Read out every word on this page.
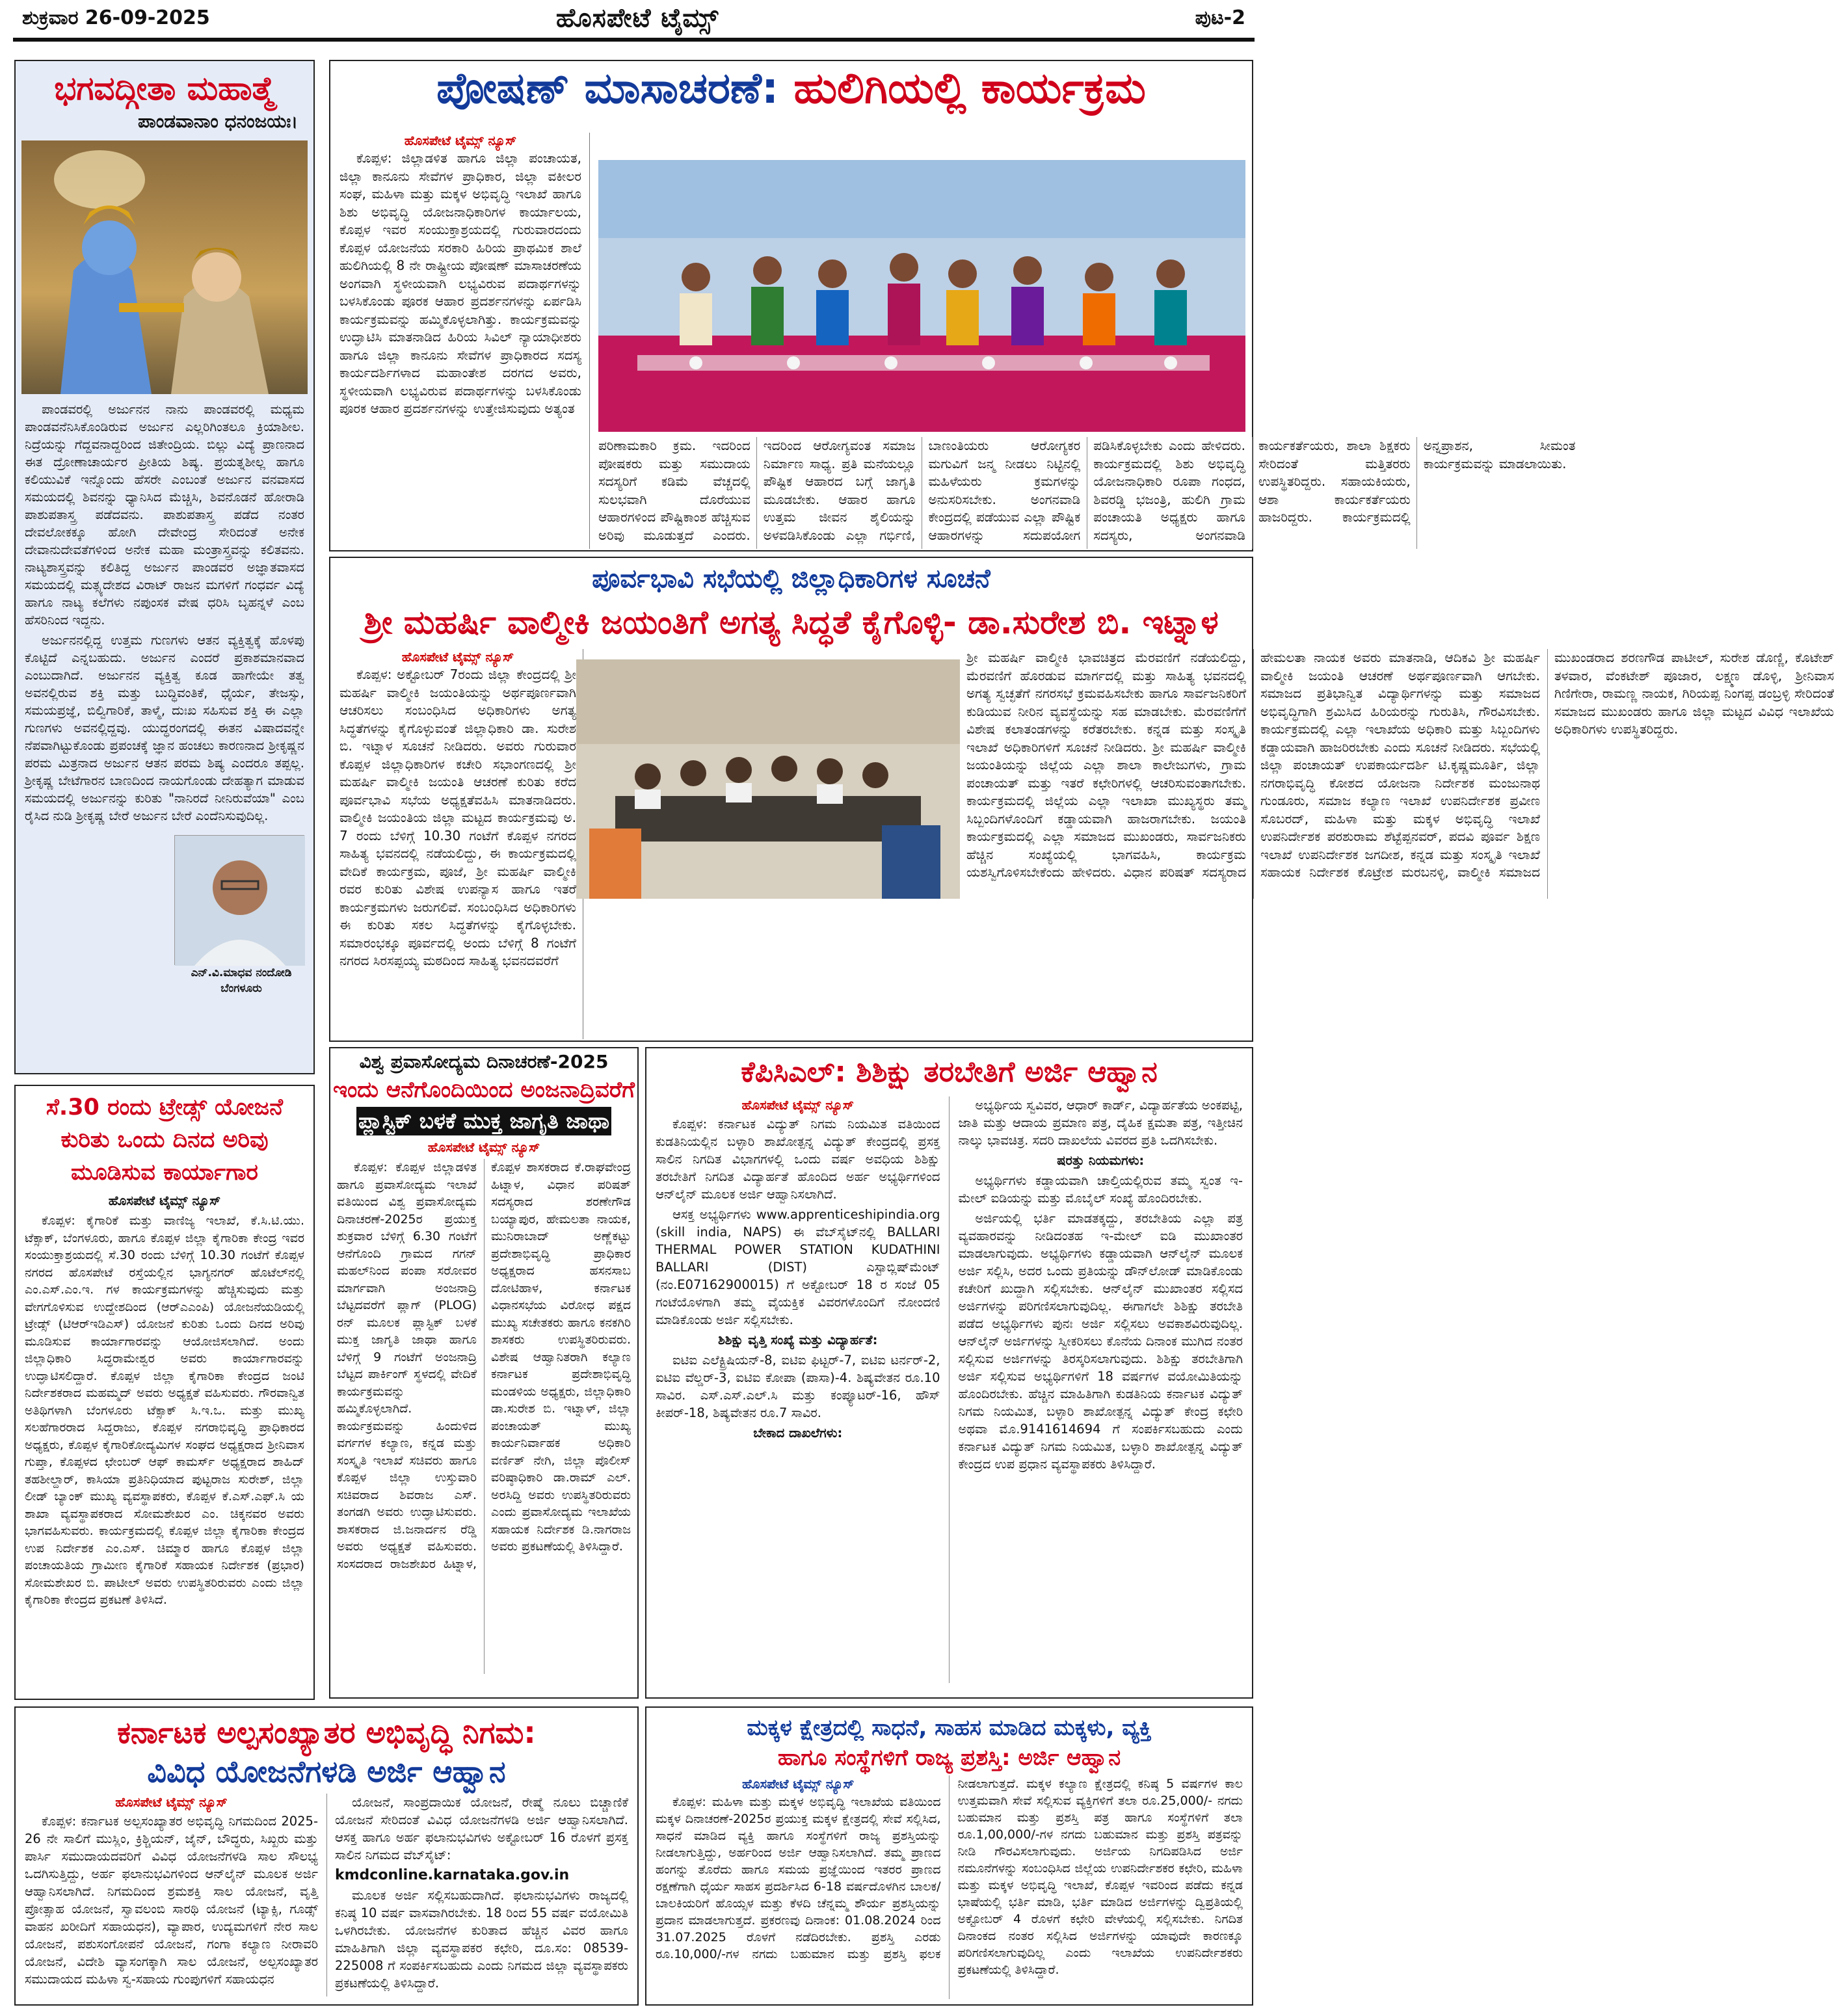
ಶುಕ್ರವಾರ 26-09-2025	ಹೊಸಪೇಟೆ ಟೈಮ್ಸ್	ಪುಟ-2
ಭಗವದ್ಗೀತಾ ಮಹಾತ್ಮೆ
ಪಾಂಡವಾನಾಂ ಧನಂಜಯಃ।

ಪಾಂಡವರಲ್ಲಿ ಅರ್ಜುನನ ನಾನು ಪಾಂಡವರಲ್ಲಿ ಮಧ್ಯಮ ಪಾಂಡವನೆನಿಸಿಕೊಂಡಿರುವ ಅರ್ಜುನ ಎಲ್ಲರಿಗಿಂತಲೂ ಕ್ರಿಯಾಶೀಲ. ನಿದ್ರೆಯನ್ನು ಗೆದ್ದವನಾದ್ದರಿಂದ ಜಿತೇಂದ್ರಿಯ. ಬಿಲ್ಲು ವಿದ್ಯೆ ಪ್ರಾಣನಾದ ಈತ ದ್ರೋಣಾಚಾರ್ಯರ ಪ್ರೀತಿಯ ಶಿಷ್ಯ. ಪ್ರಯತ್ನಶೀಲ್ಲ ಹಾಗೂ ಕಲಿಯುವಿಕೆ ಇನ್ನೊಂದು ಹೆಸರೇ ಎಂಬಂತೆ ಅರ್ಜುನ ವನವಾಸದ ಸಮಯದಲ್ಲಿ ಶಿವನನ್ನು ಧ್ಯಾನಿಸಿದ ಮೆಚ್ಚಿಸಿ, ಶಿವನೊಡನೆ ಹೋರಾಡಿ ಪಾಶುಪತಾಸ್ತ್ರ ಪಡೆದವನು. ಪಾಶುಪತಾಸ್ತ್ರ ಪಡೆದ ನಂತರ ದೇವಲೋಕಕ್ಕೂ ಹೋಗಿ ದೇವೇಂದ್ರ ಸೇರಿದಂತೆ ಅನೇಕ ದೇವಾನುದೇವತೆಗಳಿಂದ ಅನೇಕ ಮಹಾ ಮಂತ್ರಾಸ್ತ್ರವನ್ನು ಕಲಿತವನು. ನಾಟ್ಯಶಾಸ್ತ್ರವನ್ನು ಕಲಿತಿದ್ದ ಅರ್ಜುನ ಪಾಂಡವರ ಅಜ್ಞಾತವಾಸದ ಸಮಯದಲ್ಲಿ ಮತ್ಸ್ಯದೇಶದ ವಿರಾಟ್ ರಾಜನ ಮಗಳಿಗೆ ಗಂಧರ್ವ ವಿದ್ಯೆ ಹಾಗೂ ನಾಟ್ಯ ಕಲೆಗಳು ನಪುಂಸಕ ವೇಷ ಧರಿಸಿ ಬೃಹನ್ನಳೆ ಎಂಬ ಹೆಸರಿನಿಂದ ಇದ್ದನು.

ಅರ್ಜುನನಲ್ಲಿದ್ದ ಉತ್ತಮ ಗುಣಗಳು ಆತನ ವ್ಯಕ್ತಿತ್ವಕ್ಕೆ ಹೊಳಪು ಕೊಟ್ಟಿದೆ ಎನ್ನಬಹುದು. ಅರ್ಜುನ ಎಂದರೆ ಪ್ರಕಾಶಮಾನವಾದ ಎಂಬುದಾಗಿದೆ. ಅರ್ಜುನನ ವ್ಯಕ್ತಿತ್ವ ಕೂಡ ಹಾಗೇಯೇ ತತ್ವ ಅವನಲ್ಲಿರುವ ಶಕ್ತಿ ಮತ್ತು ಬುದ್ಧಿವಂತಿಕೆ, ಧೈರ್ಯ, ತೇಜಸ್ಸು, ಸಮಯಪ್ರಜ್ಞೆ, ಬಿಲ್ವಿಗಾರಿಕೆ, ತಾಳ್ಮೆ, ದುಃಖ ಸಹಿಸುವ ಶಕ್ತಿ ಈ ಎಲ್ಲಾ ಗುಣಗಳು ಅವನಲ್ಲಿದ್ದವು. ಯುದ್ಧರಂಗದಲ್ಲಿ ಈತನ ವಿಷಾದವನ್ನೇ ನೆಪವಾಗಿಟ್ಟುಕೊಂಡು ಪ್ರಪಂಚಕ್ಕೆ ಜ್ಞಾನ ಹಂಚಲು ಕಾರಣನಾದ ಶ್ರೀಕೃಷ್ಣನ ಪರಮ ಮಿತ್ರನಾದ ಅರ್ಜುನ ಆತನ ಪರಮ ಶಿಷ್ಯ ಎಂದರೂ ತಪ್ಪಲ್ಲ. ಶ್ರೀಕೃಷ್ಣ ಬೇಟೆಗಾರನ ಬಾಣದಿಂದ ನಾಯಗೊಂಡು ದೇಹತ್ಯಾಗ ಮಾಡುವ ಸಮಯದಲ್ಲಿ ಅರ್ಜುನನ್ನು ಕುರಿತು "ನಾನಿರದೆ ನೀನಿರುವೆಯಾ" ಎಂಬ ರೈಸಿದ ನುಡಿ ಶ್ರೀಕೃಷ್ಣ ಬೇರೆ ಅರ್ಜುನ ಬೇರೆ ಎಂದೆನಿಸುವುದಿಲ್ಲ.

ಎನ್.ವಿ.ಮಾಧವ ನಂದೋಡಿ
ಬೆಂಗಳೂರು
ಪೋಷಣ್ ಮಾಸಾಚರಣೆ: ಹುಲಿಗಿಯಲ್ಲಿ ಕಾರ್ಯಕ್ರಮ
ಹೊಸಪೇಟೆ ಟೈಮ್ಸ್ ನ್ಯೂಸ್

ಕೊಪ್ಪಳ: ಜಿಲ್ಲಾಡಳಿತ ಹಾಗೂ ಜಿಲ್ಲಾ ಪಂಚಾಯತ, ಜಿಲ್ಲಾ ಕಾನೂನು ಸೇವೆಗಳ ಪ್ರಾಧಿಕಾರ, ಜಿಲ್ಲಾ ವಕೀಲರ ಸಂಘ, ಮಹಿಳಾ ಮತ್ತು ಮಕ್ಕಳ ಅಭಿವೃದ್ಧಿ ಇಲಾಖೆ ಹಾಗೂ ಶಿಶು ಅಭಿವೃದ್ಧಿ ಯೋಜನಾಧಿಕಾರಿಗಳ ಕಾರ್ಯಾಲಯ, ಕೊಪ್ಪಳ ಇವರ ಸಂಯುಕ್ತಾಶ್ರಯದಲ್ಲಿ ಗುರುವಾರದಂದು ಕೊಪ್ಪಳ ಯೋಜನೆಯ ಸರಕಾರಿ ಹಿರಿಯ ಪ್ರಾಥಮಿಕ ಶಾಲೆ ಹುಲಿಗಿಯಲ್ಲಿ 8 ನೇ ರಾಷ್ಟ್ರೀಯ ಪೋಷಣ್ ಮಾಸಾಚರಣೆಯ ಅಂಗವಾಗಿ ಸ್ಥಳೀಯವಾಗಿ ಲಭ್ಯವಿರುವ ಪದಾರ್ಥಗಳನ್ನು ಬಳಸಿಕೊಂಡು ಪೂರಕ ಆಹಾರ ಪ್ರದರ್ಶನಗಳನ್ನು ಏರ್ಪಡಿಸಿ ಕಾರ್ಯಕ್ರಮವನ್ನು ಹಮ್ಮಿಕೊಳ್ಳಲಾಗಿತ್ತು. ಕಾರ್ಯಕ್ರಮವನ್ನು ಉದ್ಘಾಟಿಸಿ ಮಾತನಾಡಿದ ಹಿರಿಯ ಸಿವಿಲ್ ನ್ಯಾಯಾಧೀಶರು ಹಾಗೂ ಜಿಲ್ಲಾ ಕಾನೂನು ಸೇವೆಗಳ ಪ್ರಾಧಿಕಾರದ ಸದಸ್ಯ ಕಾರ್ಯದರ್ಶಿಗಳಾದ ಮಹಾಂತೇಶ ದರಗದ ಅವರು, ಸ್ಥಳೀಯವಾಗಿ ಲಭ್ಯವಿರುವ ಪದಾರ್ಥಗಳನ್ನು ಬಳಸಿಕೊಂಡು ಪೂರಕ ಆಹಾರ ಪ್ರದರ್ಶನಗಳನ್ನು ಉತ್ತೇಜಿಸುವುದು ಅತ್ಯಂತ

ಪರಿಣಾಮಕಾರಿ ಕ್ರಮ. ಇದರಿಂದ ಪೋಷಕರು ಮತ್ತು ಸಮುದಾಯ ಸದಸ್ಯರಿಗೆ ಕಡಿಮೆ ವೆಚ್ಚದಲ್ಲಿ ಸುಲಭವಾಗಿ ದೊರೆಯುವ ಆಹಾರಗಳಿಂದ ಪೌಷ್ಟಿಕಾಂಶ ಹೆಚ್ಚಿಸುವ ಅರಿವು ಮೂಡುತ್ತದೆ ಎಂದರು. ಇದರಿಂದ ಆರೋಗ್ಯವಂತ ಸಮಾಜ ನಿರ್ಮಾಣ ಸಾಧ್ಯ. ಪ್ರತಿ ಮನೆಯಲ್ಲೂ ಪೌಷ್ಟಿಕ ಆಹಾರದ ಬಗ್ಗೆ ಜಾಗೃತಿ ಮೂಡಬೇಕು. ಆಹಾರ ಹಾಗೂ ಉತ್ತಮ ಜೀವನ ಶೈಲಿಯನ್ನು ಅಳವಡಿಸಿಕೊಂಡು ಎಲ್ಲಾ ಗರ್ಭಿಣಿ, ಬಾಣಂತಿಯರು ಆರೋಗ್ಯಕರ ಮಗುವಿಗೆ ಜನ್ಮ ನೀಡಲು ನಿಟ್ಟಿನಲ್ಲಿ ಮಹಿಳೆಯರು ಕ್ರಮಗಳನ್ನು ಅನುಸರಿಸಬೇಕು. ಅಂಗನವಾಡಿ ಕೇಂದ್ರದಲ್ಲಿ ಪಡೆಯುವ ಎಲ್ಲಾ ಪೌಷ್ಟಿಕ ಆಹಾರಗಳನ್ನು ಸದುಪಯೋಗ ಪಡಿಸಿಕೊಳ್ಳಬೇಕು ಎಂದು ಹೇಳಿದರು. ಕಾರ್ಯಕ್ರಮದಲ್ಲಿ ಶಿಶು ಅಭಿವೃದ್ಧಿ ಯೋಜನಾಧಿಕಾರಿ ರೂಪಾ ಗಂಧದ, ಶಿವರಡ್ಡಿ ಭಜಂತ್ರಿ, ಹುಲಿಗಿ ಗ್ರಾಮ ಪಂಚಾಯತಿ ಅಧ್ಯಕ್ಷರು ಹಾಗೂ ಸದಸ್ಯರು, ಅಂಗನವಾಡಿ ಕಾರ್ಯಕರ್ತೆಯರು, ಶಾಲಾ ಶಿಕ್ಷಕರು ಸೇರಿದಂತೆ ಮತ್ತಿತರರು ಉಪಸ್ಥಿತರಿದ್ದರು. ಸಹಾಯಕಿಯರು, ಆಶಾ ಕಾರ್ಯಕರ್ತೆಯರು ಹಾಜರಿದ್ದರು. ಕಾರ್ಯಕ್ರಮದಲ್ಲಿ ಅನ್ನಪ್ರಾಶನ, ಸೀಮಂತ ಕಾರ್ಯಕ್ರಮವನ್ನು ಮಾಡಲಾಯಿತು.

ಪೂರ್ವಭಾವಿ ಸಭೆಯಲ್ಲಿ ಜಿಲ್ಲಾಧಿಕಾರಿಗಳ ಸೂಚನೆ
ಶ್ರೀ ಮಹರ್ಷಿ ವಾಲ್ಮೀಕಿ ಜಯಂತಿಗೆ ಅಗತ್ಯ ಸಿದ್ಧತೆ ಕೈಗೊಳ್ಳಿ- ಡಾ.ಸುರೇಶ ಬಿ. ಇಟ್ನಾಳ
ಹೊಸಪೇಟೆ ಟೈಮ್ಸ್ ನ್ಯೂಸ್

ಕೊಪ್ಪಳ: ಅಕ್ಟೋಬರ್ 7ರಂದು ಜಿಲ್ಲಾ ಕೇಂದ್ರದಲ್ಲಿ ಶ್ರೀ ಮಹರ್ಷಿ ವಾಲ್ಮೀಕಿ ಜಯಂತಿಯನ್ನು ಅರ್ಥಪೂರ್ಣವಾಗಿ ಆಚರಿಸಲು ಸಂಬಂಧಿಸಿದ ಅಧಿಕಾರಿಗಳು ಅಗತ್ಯ ಸಿದ್ಧತೆಗಳನ್ನು ಕೈಗೊಳ್ಳುವಂತೆ ಜಿಲ್ಲಾಧಿಕಾರಿ ಡಾ. ಸುರೇಶ ಬಿ. ಇಟ್ನಾಳ ಸೂಚನೆ ನೀಡಿದರು. ಅವರು ಗುರುವಾರ ಕೊಪ್ಪಳ ಜಿಲ್ಲಾಧಿಕಾರಿಗಳ ಕಚೇರಿ ಸಭಾಂಗಣದಲ್ಲಿ ಶ್ರೀ ಮಹರ್ಷಿ ವಾಲ್ಮೀಕಿ ಜಯಂತಿ ಆಚರಣೆ ಕುರಿತು ಕರೆದ ಪೂರ್ವಭಾವಿ ಸಭೆಯ ಅಧ್ಯಕ್ಷತೆವಹಿಸಿ ಮಾತನಾಡಿದರು. ವಾಲ್ಮೀಕಿ ಜಯಂತಿಯ ಜಿಲ್ಲಾ ಮಟ್ಟದ ಕಾರ್ಯಕ್ರಮವು ಅ. 7 ರಂದು ಬೆಳಿಗ್ಗೆ 10.30 ಗಂಟೆಗೆ ಕೊಪ್ಪಳ ನಗರದ ಸಾಹಿತ್ಯ ಭವನದಲ್ಲಿ ನಡೆಯಲಿದ್ದು, ಈ ಕಾರ್ಯಕ್ರಮದಲ್ಲಿ ವೇದಿಕೆ ಕಾರ್ಯಕ್ರಮ, ಪೂಜೆ, ಶ್ರೀ ಮಹರ್ಷಿ ವಾಲ್ಮೀಕಿ ರವರ ಕುರಿತು ವಿಶೇಷ ಉಪನ್ಯಾಸ ಹಾಗೂ ಇತರೆ ಕಾರ್ಯಕ್ರಮಗಳು ಜರುಗಲಿವೆ. ಸಂಬಂಧಿಸಿದ ಅಧಿಕಾರಿಗಳು ಈ ಕುರಿತು ಸಕಲ ಸಿದ್ಧತೆಗಳನ್ನು ಕೈಗೊಳ್ಳಬೇಕು. ಸಮಾರಂಭಕ್ಕೂ ಪೂರ್ವದಲ್ಲಿ ಅಂದು ಬೆಳಿಗ್ಗೆ 8 ಗಂಟೆಗೆ ನಗರದ ಸಿರಸಪ್ಪಯ್ಯ ಮಠದಿಂದ ಸಾಹಿತ್ಯ ಭವನದವರೆಗೆ

ಶ್ರೀ ಮಹರ್ಷಿ ವಾಲ್ಮೀಕಿ ಭಾವಚಿತ್ರದ ಮೆರವಣಿಗೆ ನಡೆಯಲಿದ್ದು, ಮೆರವಣಿಗೆ ಹೊರಡುವ ಮಾರ್ಗದಲ್ಲಿ ಮತ್ತು ಸಾಹಿತ್ಯ ಭವನದಲ್ಲಿ ಅಗತ್ಯ ಸ್ವಚ್ಛತೆಗೆ ನಗರಸಭೆ ಕ್ರಮವಹಿಸಬೇಕು ಹಾಗೂ ಸಾರ್ವಜನಿಕರಿಗೆ ಕುಡಿಯುವ ನೀರಿನ ವ್ಯವಸ್ಥೆಯನ್ನು ಸಹ ಮಾಡಬೇಕು. ಮೆರವಣಿಗೆಗೆ ವಿಶೇಷ ಕಲಾತಂಡಗಳನ್ನು ಕರೆತರಬೇಕು. ಕನ್ನಡ ಮತ್ತು ಸಂಸ್ಕೃತಿ ಇಲಾಖೆ ಅಧಿಕಾರಿಗಳಿಗೆ ಸೂಚನೆ ನೀಡಿದರು. ಶ್ರೀ ಮಹರ್ಷಿ ವಾಲ್ಮೀಕಿ ಜಯಂತಿಯನ್ನು ಜಿಲ್ಲೆಯ ಎಲ್ಲಾ ಶಾಲಾ ಕಾಲೇಜುಗಳು, ಗ್ರಾಮ ಪಂಚಾಯತ್ ಮತ್ತು ಇತರೆ ಕಛೇರಿಗಳಲ್ಲಿ ಆಚರಿಸುವಂತಾಗಬೇಕು. ಕಾರ್ಯಕ್ರಮದಲ್ಲಿ ಜಿಲ್ಲೆಯ ಎಲ್ಲಾ ಇಲಾಖಾ ಮುಖ್ಯಸ್ಥರು ತಮ್ಮ ಸಿಬ್ಬಂದಿಗಳೊಂದಿಗೆ ಕಡ್ಡಾಯವಾಗಿ ಹಾಜರಾಗಬೇಕು. ಜಯಂತಿ ಕಾರ್ಯಕ್ರಮದಲ್ಲಿ ಎಲ್ಲಾ ಸಮಾಜದ ಮುಖಂಡರು, ಸಾರ್ವಜನಿಕರು ಹೆಚ್ಚಿನ ಸಂಖ್ಯೆಯಲ್ಲಿ ಭಾಗವಹಿಸಿ, ಕಾರ್ಯಕ್ರಮ ಯಶಸ್ವಿಗೊಳಿಸಬೇಕೆಂದು ಹೇಳಿದರು. ವಿಧಾನ ಪರಿಷತ್ ಸದಸ್ಯರಾದ ಹೇಮಲತಾ ನಾಯಕ ಅವರು ಮಾತನಾಡಿ, ಆದಿಕವಿ ಶ್ರೀ ಮಹರ್ಷಿ ವಾಲ್ಮೀಕಿ ಜಯಂತಿ ಆಚರಣೆ ಅರ್ಥಪೂರ್ಣವಾಗಿ ಆಗಬೇಕು. ಸಮಾಜದ ಪ್ರತಿಭಾನ್ವಿತ ವಿದ್ಯಾರ್ಥಿಗಳನ್ನು ಮತ್ತು ಸಮಾಜದ ಅಭಿವೃದ್ಧಿಗಾಗಿ ಶ್ರಮಿಸಿದ ಹಿರಿಯರನ್ನು ಗುರುತಿಸಿ, ಗೌರವಿಸಬೇಕು. ಕಾರ್ಯಕ್ರಮದಲ್ಲಿ ಎಲ್ಲಾ ಇಲಾಖೆಯ ಅಧಿಕಾರಿ ಮತ್ತು ಸಿಬ್ಬಂದಿಗಳು ಕಡ್ಡಾಯವಾಗಿ ಹಾಜರಿರಬೇಕು ಎಂದು ಸೂಚನೆ ನೀಡಿದರು. ಸಭೆಯಲ್ಲಿ ಜಿಲ್ಲಾ ಪಂಚಾಯತ್ ಉಪಕಾರ್ಯದರ್ಶಿ ಟಿ.ಕೃಷ್ಣಮೂರ್ತಿ, ಜಿಲ್ಲಾ ನಗರಾಭಿವೃದ್ಧಿ ಕೋಶದ ಯೋಜನಾ ನಿರ್ದೇಶಕ ಮಂಜುನಾಥ ಗುಂಡೂರು, ಸಮಾಜ ಕಲ್ಯಾಣ ಇಲಾಖೆ ಉಪನಿರ್ದೇಶಕ ಪ್ರವೀಣ ಸೊಬರದ್, ಮಹಿಳಾ ಮತ್ತು ಮಕ್ಕಳ ಅಭಿವೃದ್ಧಿ ಇಲಾಖೆ ಉಪನಿರ್ದೇಶಕ ಪರಶುರಾಮ ಶೆಟ್ಟೆಪ್ಪನವರ್, ಪದವಿ ಪೂರ್ವ ಶಿಕ್ಷಣ ಇಲಾಖೆ ಉಪನಿರ್ದೇಶಕ ಜಗದೀಶ, ಕನ್ನಡ ಮತ್ತು ಸಂಸ್ಕೃತಿ ಇಲಾಖೆ ಸಹಾಯಕ ನಿರ್ದೇಶಕ ಕೊಟ್ರೇಶ ಮರಬನಳ್ಳಿ, ವಾಲ್ಮೀಕಿ ಸಮಾಜದ ಮುಖಂಡರಾದ ಶರಣಗೌಡ ಪಾಟೀಲ್, ಸುರೇಶ ಡೊಣ್ಣಿ, ಕೊಟೇಶ್ ತಳವಾರ, ವೆಂಕಟೇಶ್ ಪೂಜಾರ, ಲಕ್ಷ್ಮಣ ಡೊಳ್ಳಿ, ಶ್ರೀನಿವಾಸ ಗಿಣಿಗೇರಾ, ರಾಮಣ್ಣ ನಾಯಕ, ಗಿರಿಯಪ್ಪ ನಿಂಗಪ್ಪ ಡಂಬ್ರಳ್ಳಿ ಸೇರಿದಂತೆ ಸಮಾಜದ ಮುಖಂಡರು ಹಾಗೂ ಜಿಲ್ಲಾ ಮಟ್ಟದ ವಿವಿಧ ಇಲಾಖೆಯ ಅಧಿಕಾರಿಗಳು ಉಪಸ್ಥಿತರಿದ್ದರು.

ಸೆ.30 ರಂದು ಟ್ರೇಡ್ಸ್ ಯೋಜನೆ ಕುರಿತು ಒಂದು ದಿನದ ಅರಿವು ಮೂಡಿಸುವ ಕಾರ್ಯಾಗಾರ
ಹೊಸಪೇಟೆ ಟೈಮ್ಸ್ ನ್ಯೂಸ್

ಕೊಪ್ಪಳ: ಕೈಗಾರಿಕೆ ಮತ್ತು ವಾಣಿಜ್ಯ ಇಲಾಖೆ, ಕೆ.ಸಿ.ಟಿ.ಯು. ಟೆಕ್ಸಾಕ್, ಬೆಂಗಳೂರು, ಹಾಗೂ ಕೊಪ್ಪಳ ಜಿಲ್ಲಾ ಕೈಗಾರಿಕಾ ಕೇಂದ್ರ ಇವರ ಸಂಯುಕ್ತಾಶ್ರಯದಲ್ಲಿ ಸೆ.30 ರಂದು ಬೆಳಿಗ್ಗೆ 10.30 ಗಂಟೆಗೆ ಕೊಪ್ಪಳ ನಗರದ ಹೊಸಪೇಟೆ ರಸ್ತೆಯಲ್ಲಿನ ಭಾಗ್ಯನಗರ್ ಹೊಟೆಲ್‌ನಲ್ಲಿ ಎಂ.ಎಸ್.ಎಂ.ಇ. ಗಳ ಕಾರ್ಯಕ್ರಮಗಳನ್ನು ಹೆಚ್ಚಿಸುವುದು ಮತ್ತು ವೇಗಗೊಳಿಸುವ ಉದ್ದೇಶದಿಂದ (ಆರ್‌ಎಎಂಪಿ) ಯೋಜನೆಯಡಿಯಲ್ಲಿ ಟ್ರೇಡ್ಸ್ (ಟಿಆರ್‌ಇಡಿಎಸ್) ಯೋಜನೆ ಕುರಿತು ಒಂದು ದಿನದ ಅರಿವು ಮೂಡಿಸುವ ಕಾರ್ಯಾಗಾರವನ್ನು ಆಯೋಜಿಸಲಾಗಿದೆ. ಅಂದು ಜಿಲ್ಲಾಧಿಕಾರಿ ಸಿದ್ಧರಾಮೇಶ್ವರ ಅವರು ಕಾರ್ಯಾಗಾರವನ್ನು ಉದ್ಘಾಟಿಸಲಿದ್ದಾರೆ. ಕೊಪ್ಪಳ ಜಿಲ್ಲಾ ಕೈಗಾರಿಕಾ ಕೇಂದ್ರದ ಜಂಟಿ ನಿರ್ದೇಶಕರಾದ ಮಹಮ್ಮದ್ ಅವರು ಅಧ್ಯಕ್ಷತೆ ವಹಿಸುವರು. ಗೌರವಾನ್ವಿತ ಅತಿಥಿಗಳಾಗಿ ಬೆಂಗಳೂರು ಟೆಕ್ಸಾಕ್ ಸಿ.ಇ.ಒ. ಮತ್ತು ಮುಖ್ಯ ಸಲಹೆಗಾರರಾದ ಸಿದ್ದರಾಜು, ಕೊಪ್ಪಳ ನಗರಾಭಿವೃದ್ಧಿ ಪ್ರಾಧಿಕಾರದ ಅಧ್ಯಕ್ಷರು, ಕೊಪ್ಪಳ ಕೈಗಾರಿಕೋದ್ಯಮಿಗಳ ಸಂಘದ ಅಧ್ಯಕ್ಷರಾದ ಶ್ರೀನಿವಾಸ ಗುಪ್ತಾ, ಕೊಪ್ಪಳದ ಛೇಂಬರ್ ಆಫ್ ಕಾಮರ್ಸ್ ಅಧ್ಯಕ್ಷರಾದ ಶಾಹಿದ್ ತಹಶೀಲ್ದಾರ್, ಕಾಸಿಯಾ ಪ್ರತಿನಿಧಿಯಾದ ಪುಟ್ಟರಾಜ ಸುರೇಶ್, ಜಿಲ್ಲಾ ಲೀಡ್ ಬ್ಯಾಂಕ್ ಮುಖ್ಯ ವ್ಯವಸ್ಥಾಪಕರು, ಕೊಪ್ಪಳ ಕೆ.ಎಸ್.ಎಫ್.ಸಿ ಯ ಶಾಖಾ ವ್ಯವಸ್ಥಾಪಕರಾದ ಸೋಮಶೇಖರ ಎಂ. ಚಿಕ್ಕನವರ ಅವರು ಭಾಗವಹಿಸುವರು. ಕಾರ್ಯಕ್ರಮದಲ್ಲಿ ಕೊಪ್ಪಳ ಜಿಲ್ಲಾ ಕೈಗಾರಿಕಾ ಕೇಂದ್ರದ ಉಪ ನಿರ್ದೇಶಕ ಎಂ.ಎಸ್. ಚಿಮ್ಮಾರ ಹಾಗೂ ಕೊಪ್ಪಳ ಜಿಲ್ಲಾ ಪಂಚಾಯತಿಯ ಗ್ರಾಮೀಣ ಕೈಗಾರಿಕೆ ಸಹಾಯಕ ನಿರ್ದೇಶಕ (ಪ್ರಭಾರ) ಸೋಮಶೇಖರ ಬಿ. ಪಾಟೀಲ್ ಅವರು ಉಪಸ್ಥಿತರಿರುವರು ಎಂದು ಜಿಲ್ಲಾ ಕೈಗಾರಿಕಾ ಕೇಂದ್ರದ ಪ್ರಕಟಣೆ ತಿಳಿಸಿದೆ.

ವಿಶ್ವ ಪ್ರವಾಸೋದ್ಯಮ ದಿನಾಚರಣೆ-2025
ಇಂದು ಆನೆಗೊಂದಿಯಿಂದ ಅಂಜನಾದ್ರಿವರೆಗೆ
ಪ್ಲಾಸ್ಟಿಕ್ ಬಳಕೆ ಮುಕ್ತ ಜಾಗೃತಿ ಜಾಥಾ
ಹೊಸಪೇಟೆ ಟೈಮ್ಸ್ ನ್ಯೂಸ್

ಕೊಪ್ಪಳ: ಕೊಪ್ಪಳ ಜಿಲ್ಲಾಡಳಿತ ಹಾಗೂ ಪ್ರವಾಸೋದ್ಯಮ ಇಲಾಖೆ ವತಿಯಿಂದ ವಿಶ್ವ ಪ್ರವಾಸೋದ್ಯಮ ದಿನಾಚರಣೆ-2025ರ ಪ್ರಯುಕ್ತ ಶುಕ್ರವಾರ ಬೆಳಿಗ್ಗೆ 6.30 ಗಂಟೆಗೆ ಆನೆಗೊಂದಿ ಗ್ರಾಮದ ಗಗನ್ ಮಹಲ್‌ನಿಂದ ಪಂಪಾ ಸರೋವರ ಮಾರ್ಗವಾಗಿ ಅಂಜನಾದ್ರಿ ಬೆಟ್ಟದವರೆಗೆ ಪ್ಲಾಗ್ (PLOG) ರನ್ ಮೂಲಕ ಪ್ಲಾಸ್ಟಿಕ್ ಬಳಕೆ ಮುಕ್ತ ಜಾಗೃತಿ ಜಾಥಾ ಹಾಗೂ ಬೆಳಿಗ್ಗೆ 9 ಗಂಟೆಗೆ ಅಂಜನಾದ್ರಿ ಬೆಟ್ಟದ ಪಾರ್ಕಿಂಗ್ ಸ್ಥಳದಲ್ಲಿ ವೇದಿಕೆ ಕಾರ್ಯಕ್ರಮವನ್ನು ಹಮ್ಮಿಕೊಳ್ಳಲಾಗಿದೆ. ಕಾರ್ಯಕ್ರಮವನ್ನು ಹಿಂದುಳಿದ ವರ್ಗಗಳ ಕಲ್ಯಾಣ, ಕನ್ನಡ ಮತ್ತು ಸಂಸ್ಕೃತಿ ಇಲಾಖೆ ಸಚಿವರು ಹಾಗೂ ಕೊಪ್ಪಳ ಜಿಲ್ಲಾ ಉಸ್ತುವಾರಿ ಸಚಿವರಾದ ಶಿವರಾಜ ಎಸ್. ತಂಗಡಗಿ ಅವರು ಉದ್ಘಾಟಿಸುವರು. ಶಾಸಕರಾದ ಜಿ.ಜನಾರ್ದನ ರೆಡ್ಡಿ ಅವರು ಅಧ್ಯಕ್ಷತೆ ವಹಿಸುವರು. ಸಂಸದರಾದ ರಾಜಶೇಖರ ಹಿಟ್ನಾಳ, ಕೊಪ್ಪಳ ಶಾಸಕರಾದ ಕೆ.ರಾಘವೇಂದ್ರ ಹಿಟ್ನಾಳ, ವಿಧಾನ ಪರಿಷತ್ ಸದಸ್ಯರಾದ ಶರಣೇಗೌಡ ಬಯ್ಯಾಪುರ, ಹೇಮಲತಾ ನಾಯಕ, ಮುನಿರಾಬಾದ್ ಅಣ್ಣೆಕಟ್ಟು ಪ್ರದೇಶಾಭಿವೃದ್ಧಿ ಪ್ರಾಧಿಕಾರ ಅಧ್ಯಕ್ಷರಾದ ಹಸನಸಾಬ ದೋಟಿಹಾಳ, ಕರ್ನಾಟಕ ವಿಧಾನಸಭೆಯ ವಿರೋಧ ಪಕ್ಷದ ಮುಖ್ಯ ಸಚೇತಕರು ಹಾಗೂ ಕನಕಗಿರಿ ಶಾಸಕರು ಉಪಸ್ಥಿತರಿರುವರು. ವಿಶೇಷ ಆಹ್ವಾನಿತರಾಗಿ ಕಲ್ಯಾಣ ಕರ್ನಾಟಕ ಪ್ರದೇಶಾಭಿವೃದ್ಧಿ ಮಂಡಳಿಯ ಅಧ್ಯಕ್ಷರು, ಜಿಲ್ಲಾಧಿಕಾರಿ ಡಾ.ಸುರೇಶ ಬಿ. ಇಟ್ನಾಳ್, ಜಿಲ್ಲಾ ಪಂಚಾಯತ್ ಮುಖ್ಯ ಕಾರ್ಯನಿರ್ವಾಹಕ ಅಧಿಕಾರಿ ವರ್ಣಿತ್ ನೇಗಿ, ಜಿಲ್ಲಾ ಪೊಲೀಸ್ ವರಿಷ್ಠಾಧಿಕಾರಿ ಡಾ.ರಾಮ್ ಎಲ್. ಅರಸಿದ್ದಿ ಅವರು ಉಪಸ್ಥಿತರಿರುವರು ಎಂದು ಪ್ರವಾಸೋದ್ಯಮ ಇಲಾಖೆಯ ಸಹಾಯಕ ನಿರ್ದೇಶಕ ಡಿ.ನಾಗರಾಜ ಅವರು ಪ್ರಕಟಣೆಯಲ್ಲಿ ತಿಳಿಸಿದ್ದಾರೆ.

ಕೆಪಿಸಿಎಲ್: ಶಿಶಿಕ್ಷು ತರಬೇತಿಗೆ ಅರ್ಜಿ ಆಹ್ವಾನ
ಹೊಸಪೇಟೆ ಟೈಮ್ಸ್ ನ್ಯೂಸ್

ಕೊಪ್ಪಳ: ಕರ್ನಾಟಕ ವಿದ್ಯುತ್ ನಿಗಮ ನಿಯಮಿತ ವತಿಯಿಂದ ಕುಡತಿನಿಯಲ್ಲಿನ ಬಳ್ಳಾರಿ ಶಾಖೋತ್ಪನ್ನ ವಿದ್ಯುತ್ ಕೇಂದ್ರದಲ್ಲಿ ಪ್ರಸಕ್ತ ಸಾಲಿನ ನಿಗದಿತ ವಿಭಾಗಗಳಲ್ಲಿ ಒಂದು ವರ್ಷ ಅವಧಿಯ ಶಿಶಿಕ್ಷು ತರಬೇತಿಗೆ ನಿಗದಿತ ವಿದ್ಯಾರ್ಹತೆ ಹೊಂದಿದ ಅರ್ಹ ಅಭ್ಯರ್ಥಿಗಳಿಂದ ಆನ್‌ಲೈನ್ ಮೂಲಕ ಅರ್ಜಿ ಆಹ್ವಾನಿಸಲಾಗಿದೆ.

ಆಸಕ್ತ ಅಭ್ಯರ್ಥಿಗಳು www.apprenticeshipindia.org (skill india, NAPS) ಈ ವೆಬ್‌ಸೈಟ್‌ನಲ್ಲಿ BALLARI THERMAL POWER STATION KUDATHINI BALLARI (DIST) ಎಸ್ಟಾಬ್ಲಿಷ್‌ಮೆಂಟ್ (ನಂ.E07162900015) ಗೆ ಅಕ್ಟೋಬರ್ 18 ರ ಸಂಜೆ 05 ಗಂಟೆಯೊಳಗಾಗಿ ತಮ್ಮ ವೈಯಕ್ತಿಕ ವಿವರಗಳೊಂದಿಗೆ ನೋಂದಣಿ ಮಾಡಿಕೊಂಡು ಅರ್ಜಿ ಸಲ್ಲಿಸಬೇಕು.

ಶಿಶಿಕ್ಷು ವೃತ್ತಿ ಸಂಖ್ಯೆ ಮತ್ತು ವಿದ್ಯಾರ್ಹತೆ:

ಐಟಿಐ ಎಲೆಕ್ಟ್ರಿಷಿಯನ್-8, ಐಟಿಐ ಫಿಟ್ಟರ್-7, ಐಟಿಐ ಟರ್ನರ್-2, ಐಟಿಐ ವೆಲ್ಡರ್-3, ಐಟಿಐ ಕೋಪಾ (ಪಾಸಾ)-4. ಶಿಷ್ಯವೇತನ ರೂ.10 ಸಾವಿರ. ಎಸ್‌.ಎಸ್‌.ಎಲ್‌.ಸಿ ಮತ್ತು ಕಂಪ್ಯೂಟರ್-16, ಹೌಸ್ ಕೀಪರ್-18, ಶಿಷ್ಯವೇತನ ರೂ.7 ಸಾವಿರ.

ಬೇಕಾದ ದಾಖಲೆಗಳು:

ಅಭ್ಯರ್ಥಿಯ ಸ್ವವಿವರ, ಆಧಾರ್ ಕಾರ್ಡ್, ವಿದ್ಯಾರ್ಹತೆಯ ಅಂಕಪಟ್ಟಿ, ಜಾತಿ ಮತ್ತು ಆದಾಯ ಪ್ರಮಾಣ ಪತ್ರ, ದೈಹಿಕ ಕ್ಷಮತಾ ಪತ್ರ, ಇತ್ತೀಚಿನ ನಾಲ್ಕು ಭಾವಚಿತ್ರ. ಸದರಿ ದಾಖಲೆಯ ವಿವರದ ಪ್ರತಿ ಒದಗಿಸಬೇಕು.

ಷರತ್ತು ನಿಯಮಗಳು:

ಅಭ್ಯರ್ಥಿಗಳು ಕಡ್ಡಾಯವಾಗಿ ಚಾಲ್ತಿಯಲ್ಲಿರುವ ತಮ್ಮ ಸ್ವಂತ ಇ-ಮೇಲ್ ಐಡಿಯನ್ನು ಮತ್ತು ಮೊಬೈಲ್ ಸಂಖ್ಯೆ ಹೊಂದಿರಬೇಕು.

ಅರ್ಜಿಯಲ್ಲಿ ಭರ್ತಿ ಮಾಡತಕ್ಕದ್ದು, ತರಬೇತಿಯ ಎಲ್ಲಾ ಪತ್ರ ವ್ಯವಹಾರವನ್ನು ನೀಡಿದಂತಹ ಇ-ಮೇಲ್ ಐಡಿ ಮುಖಾಂತರ ಮಾಡಲಾಗುವುದು. ಅಭ್ಯರ್ಥಿಗಳು ಕಡ್ಡಾಯವಾಗಿ ಆನ್‌ಲೈನ್ ಮೂಲಕ ಅರ್ಜಿ ಸಲ್ಲಿಸಿ, ಅದರ ಒಂದು ಪ್ರತಿಯನ್ನು ಡೌನ್‌ಲೋಡ್ ಮಾಡಿಕೊಂಡು ಕಚೇರಿಗೆ ಖುದ್ದಾಗಿ ಸಲ್ಲಿಸಬೇಕು. ಆನ್‌ಲೈನ್ ಮುಖಾಂತರ ಸಲ್ಲಿಸದ ಅರ್ಜಿಗಳನ್ನು ಪರಿಗಣಿಸಲಾಗುವುದಿಲ್ಲ. ಈಗಾಗಲೇ ಶಿಶಿಕ್ಷು ತರಬೇತಿ ಪಡೆದ ಅಭ್ಯರ್ಥಿಗಳು ಪುನಃ ಅರ್ಜಿ ಸಲ್ಲಿಸಲು ಅವಕಾಶವಿರುವುದಿಲ್ಲ. ಆನ್‌ಲೈನ್ ಅರ್ಜಿಗಳನ್ನು ಸ್ವೀಕರಿಸಲು ಕೊನೆಯ ದಿನಾಂಕ ಮುಗಿದ ನಂತರ ಸಲ್ಲಿಸುವ ಅರ್ಜಿಗಳನ್ನು ತಿರಸ್ಕರಿಸಲಾಗುವುದು. ಶಿಶಿಕ್ಷು ತರಬೇತಿಗಾಗಿ ಅರ್ಜಿ ಸಲ್ಲಿಸುವ ಅಭ್ಯರ್ಥಿಗಳಿಗೆ 18 ವರ್ಷಗಳ ವಯೋಮಿತಿಯನ್ನು ಹೊಂದಿರಬೇಕು. ಹೆಚ್ಚಿನ ಮಾಹಿತಿಗಾಗಿ ಕುಡತಿನಿಯ ಕರ್ನಾಟಕ ವಿದ್ಯುತ್ ನಿಗಮ ನಿಯಮಿತ, ಬಳ್ಳಾರಿ ಶಾಖೋತ್ಪನ್ನ ವಿದ್ಯುತ್ ಕೇಂದ್ರ ಕಛೇರಿ ಅಥವಾ ಮೊ.9141614694 ಗೆ ಸಂಪರ್ಕಿಸಬಹುದು ಎಂದು ಕರ್ನಾಟಕ ವಿದ್ಯುತ್ ನಿಗಮ ನಿಯಮಿತ, ಬಳ್ಳಾರಿ ಶಾಖೋತ್ಪನ್ನ ವಿದ್ಯುತ್ ಕೇಂದ್ರದ ಉಪ ಪ್ರಧಾನ ವ್ಯವಸ್ಥಾಪಕರು ತಿಳಿಸಿದ್ದಾರೆ.

ಕರ್ನಾಟಕ ಅಲ್ಪಸಂಖ್ಯಾತರ ಅಭಿವೃದ್ಧಿ ನಿಗಮ:
ವಿವಿಧ ಯೋಜನೆಗಳಡಿ ಅರ್ಜಿ ಆಹ್ವಾನ
ಹೊಸಪೇಟೆ ಟೈಮ್ಸ್ ನ್ಯೂಸ್

ಕೊಪ್ಪಳ: ಕರ್ನಾಟಕ ಅಲ್ಪಸಂಖ್ಯಾತರ ಅಭಿವೃದ್ಧಿ ನಿಗಮದಿಂದ 2025-26 ನೇ ಸಾಲಿಗೆ ಮುಸ್ಲಿಂ, ಕ್ರಿಶ್ಚಿಯನ್, ಜೈನ್, ಬೌದ್ಧರು, ಸಿಖ್ಖರು ಮತ್ತು ಪಾರ್ಸಿ ಸಮುದಾಯದವರಿಗೆ ವಿವಿಧ ಯೋಜನೆಗಳಡಿ ಸಾಲ ಸೌಲಭ್ಯ ಒದಗಿಸುತ್ತಿದ್ದು, ಅರ್ಹ ಫಲಾನುಭವಿಗಳಿಂದ ಆನ್‌ಲೈನ್ ಮೂಲಕ ಅರ್ಜಿ ಆಹ್ವಾನಿಸಲಾಗಿದೆ. ನಿಗಮದಿಂದ ಶ್ರಮಶಕ್ತಿ ಸಾಲ ಯೋಜನೆ, ವೃತ್ತಿ ಪ್ರೋತ್ಸಾಹ ಯೋಜನೆ, ಸ್ವಾವಲಂಬಿ ಸಾರಥಿ ಯೋಜನೆ (ಟ್ಯಾಕ್ಸಿ, ಗೂಡ್ಸ್ ವಾಹನ ಖರೀದಿಗೆ ಸಹಾಯಧನ), ವ್ಯಾಪಾರ, ಉದ್ಯಮಗಳಿಗೆ ನೇರ ಸಾಲ ಯೋಜನೆ, ಪಶುಸಂಗೋಪನೆ ಯೋಜನೆ, ಗಂಗಾ ಕಲ್ಯಾಣ ನೀರಾವರಿ ಯೋಜನೆ, ವಿದೇಶಿ ವ್ಯಾಸಂಗಕ್ಕಾಗಿ ಸಾಲ ಯೋಜನೆ, ಅಲ್ಪಸಂಖ್ಯಾತರ ಸಮುದಾಯದ ಮಹಿಳಾ ಸ್ವ-ಸಹಾಯ ಗುಂಪುಗಳಿಗೆ ಸಹಾಯಧನ

ಯೋಜನೆ, ಸಾಂಪ್ರದಾಯಿಕ ಯೋಜನೆ, ರೇಷ್ಮೆ ನೂಲು ಬಿಚ್ಚಾಣಿಕೆ ಯೋಜನೆ ಸೇರಿದಂತೆ ವಿವಿಧ ಯೋಜನೆಗಳಡಿ ಅರ್ಜಿ ಆಹ್ವಾನಿಸಲಾಗಿದೆ. ಆಸಕ್ತ ಹಾಗೂ ಅರ್ಹ ಫಲಾನುಭವಿಗಳು ಅಕ್ಟೋಬರ್ 16 ರೊಳಗೆ ಪ್ರಸಕ್ತ ಸಾಲಿನ ನಿಗಮದ ವೆಬ್‌ಸೈಟ್:

kmdconline.karnataka.gov.in

ಮೂಲಕ ಅರ್ಜಿ ಸಲ್ಲಿಸಬಹುದಾಗಿದೆ. ಫಲಾನುಭವಿಗಳು ರಾಜ್ಯದಲ್ಲಿ ಕನಿಷ್ಠ 10 ವರ್ಷ ವಾಸವಾಗಿರಬೇಕು. 18 ರಿಂದ 55 ವರ್ಷ ವಯೋಮಿತಿ ಒಳಗಿರಬೇಕು. ಯೋಜನೆಗಳ ಕುರಿತಾದ ಹೆಚ್ಚಿನ ವಿವರ ಹಾಗೂ ಮಾಹಿತಿಗಾಗಿ ಜಿಲ್ಲಾ ವ್ಯವಸ್ಥಾಪಕರ ಕಛೇರಿ, ದೂ.ಸಂ: 08539-225008 ಗೆ ಸಂಪರ್ಕಿಸಬಹುದು ಎಂದು ನಿಗಮದ ಜಿಲ್ಲಾ ವ್ಯವಸ್ಥಾಪಕರು ಪ್ರಕಟಣೆಯಲ್ಲಿ ತಿಳಿಸಿದ್ದಾರೆ.

ಮಕ್ಕಳ ಕ್ಷೇತ್ರದಲ್ಲಿ ಸಾಧನೆ, ಸಾಹಸ ಮಾಡಿದ ಮಕ್ಕಳು, ವ್ಯಕ್ತಿ
ಹಾಗೂ ಸಂಸ್ಥೆಗಳಿಗೆ ರಾಜ್ಯ ಪ್ರಶಸ್ತಿ: ಅರ್ಜಿ ಆಹ್ವಾನ
ಹೊಸಪೇಟೆ ಟೈಮ್ಸ್ ನ್ಯೂಸ್

ಕೊಪ್ಪಳ: ಮಹಿಳಾ ಮತ್ತು ಮಕ್ಕಳ ಅಭಿವೃದ್ಧಿ ಇಲಾಖೆಯ ವತಿಯಿಂದ ಮಕ್ಕಳ ದಿನಾಚರಣೆ-2025ರ ಪ್ರಯುಕ್ತ ಮಕ್ಕಳ ಕ್ಷೇತ್ರದಲ್ಲಿ ಸೇವೆ ಸಲ್ಲಿಸಿದ, ಸಾಧನೆ ಮಾಡಿದ ವ್ಯಕ್ತಿ ಹಾಗೂ ಸಂಸ್ಥೆಗಳಿಗೆ ರಾಜ್ಯ ಪ್ರಶಸ್ತಿಯನ್ನು ನೀಡಲಾಗುತ್ತಿದ್ದು, ಅರ್ಹರಿಂದ ಅರ್ಜಿ ಆಹ್ವಾನಿಸಲಾಗಿದೆ. ತಮ್ಮ ಪ್ರಾಣದ ಹಂಗನ್ನು ತೊರೆದು ಹಾಗೂ ಸಮಯ ಪ್ರಜ್ಞೆಯಿಂದ ಇತರರ ಪ್ರಾಣದ ರಕ್ಷಣೆಗಾಗಿ ಧೈರ್ಯ ಸಾಹಸ ಪ್ರದರ್ಶಿಸಿದ 6-18 ವರ್ಷದೊಳಗಿನ ಬಾಲಕ/ಬಾಲಕಿಯರಿಗೆ ಹೊಯ್ಸಳ ಮತ್ತು ಕೆಳದಿ ಚೆನ್ನಮ್ಮ ಶೌರ್ಯ ಪ್ರಶಸ್ತಿಯನ್ನು ಪ್ರದಾನ ಮಾಡಲಾಗುತ್ತದೆ. ಪ್ರಕರಣವು ದಿನಾಂಕ: 01.08.2024 ರಿಂದ 31.07.2025 ರೊಳಗೆ ನಡೆದಿರಬೇಕು. ಪ್ರಶಸ್ತಿ ಎರಡು ರೂ.10,000/-ಗಳ ನಗದು ಬಹುಮಾನ ಮತ್ತು ಪ್ರಶಸ್ತಿ ಫಲಕ ನೀಡಲಾಗುತ್ತದೆ. ಮಕ್ಕಳ ಕಲ್ಯಾಣ ಕ್ಷೇತ್ರದಲ್ಲಿ ಕನಿಷ್ಠ 5 ವರ್ಷಗಳ ಕಾಲ ಉತ್ತಮವಾಗಿ ಸೇವೆ ಸಲ್ಲಿಸುವ ವ್ಯಕ್ತಿಗಳಿಗೆ ತಲಾ ರೂ.25,000/- ನಗದು ಬಹುಮಾನ ಮತ್ತು ಪ್ರಶಸ್ತಿ ಪತ್ರ ಹಾಗೂ ಸಂಸ್ಥೆಗಳಿಗೆ ತಲಾ ರೂ.1,00,000/-ಗಳ ನಗದು ಬಹುಮಾನ ಮತ್ತು ಪ್ರಶಸ್ತಿ ಪತ್ರವನ್ನು ನೀಡಿ ಗೌರವಿಸಲಾಗುವುದು. ಅರ್ಜಿಯ ನಿಗದಿಪಡಿಸಿದ ಅರ್ಜಿ ನಮೂನೆಗಳನ್ನು ಸಂಬಂಧಿಸಿದ ಜಿಲ್ಲೆಯ ಉಪನಿರ್ದೇಶಕರ ಕಛೇರಿ, ಮಹಿಳಾ ಮತ್ತು ಮಕ್ಕಳ ಅಭಿವೃದ್ಧಿ ಇಲಾಖೆ, ಕೊಪ್ಪಳ ಇವರಿಂದ ಪಡೆದು ಕನ್ನಡ ಭಾಷೆಯಲ್ಲಿ ಭರ್ತಿ ಮಾಡಿ, ಭರ್ತಿ ಮಾಡಿದ ಅರ್ಜಿಗಳನ್ನು ದ್ವಿಪ್ರತಿಯಲ್ಲಿ ಅಕ್ಟೋಬರ್ 4 ರೊಳಗೆ ಕಛೇರಿ ವೇಳೆಯಲ್ಲಿ ಸಲ್ಲಿಸಬೇಕು. ನಿಗದಿತ ದಿನಾಂಕದ ನಂತರ ಸಲ್ಲಿಸಿದ ಅರ್ಜಿಗಳನ್ನು ಯಾವುದೇ ಕಾರಣಕ್ಕೂ ಪರಿಗಣಿಸಲಾಗುವುದಿಲ್ಲ ಎಂದು ಇಲಾಖೆಯ ಉಪನಿರ್ದೇಶಕರು ಪ್ರಕಟಣೆಯಲ್ಲಿ ತಿಳಿಸಿದ್ದಾರೆ.
